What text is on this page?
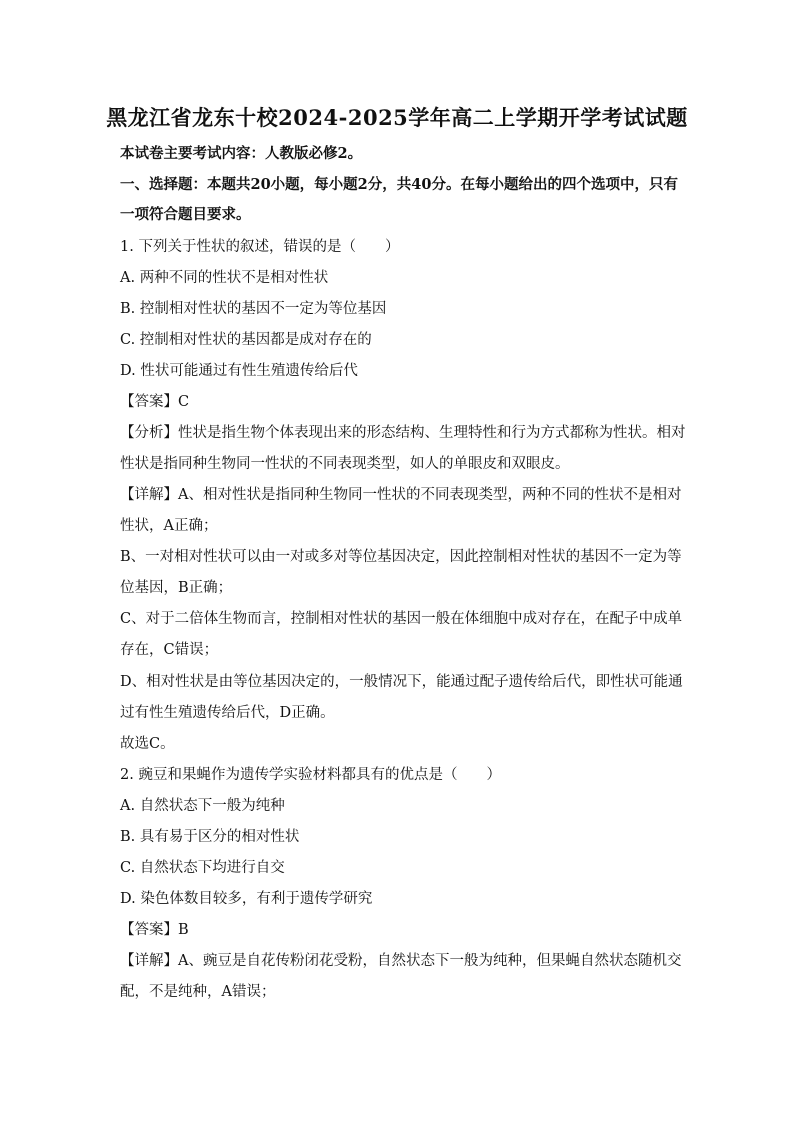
黑龙江省龙东十校2024-2025学年高二上学期开学考试试题
本试卷主要考试内容：人教版必修2。
一、选择题：本题共20小题，每小题2分，共40分。在每小题给出的四个选项中，只有
一项符合题目要求。
1. 下列关于性状的叙述，错误的是（　　）
A. 两种不同的性状不是相对性状
B. 控制相对性状的基因不一定为等位基因
C. 控制相对性状的基因都是成对存在的
D. 性状可能通过有性生殖遗传给后代
【答案】C
【分析】性状是指生物个体表现出来的形态结构、生理特性和行为方式都称为性状。相对
性状是指同种生物同一性状的不同表现类型，如人的单眼皮和双眼皮。
【详解】A、相对性状是指同种生物同一性状的不同表现类型，两种不同的性状不是相对
性状，A正确；
B、一对相对性状可以由一对或多对等位基因决定，因此控制相对性状的基因不一定为等
位基因，B正确；
C、对于二倍体生物而言，控制相对性状的基因一般在体细胞中成对存在，在配子中成单
存在，C错误；
D、相对性状是由等位基因决定的，一般情况下，能通过配子遗传给后代，即性状可能通
过有性生殖遗传给后代，D正确。
故选C。
2. 豌豆和果蝇作为遗传学实验材料都具有的优点是（　　）
A. 自然状态下一般为纯种
B. 具有易于区分的相对性状
C. 自然状态下均进行自交
D. 染色体数目较多，有利于遗传学研究
【答案】B
【详解】A、豌豆是自花传粉闭花受粉，自然状态下一般为纯种，但果蝇自然状态随机交
配，不是纯种，A错误；
